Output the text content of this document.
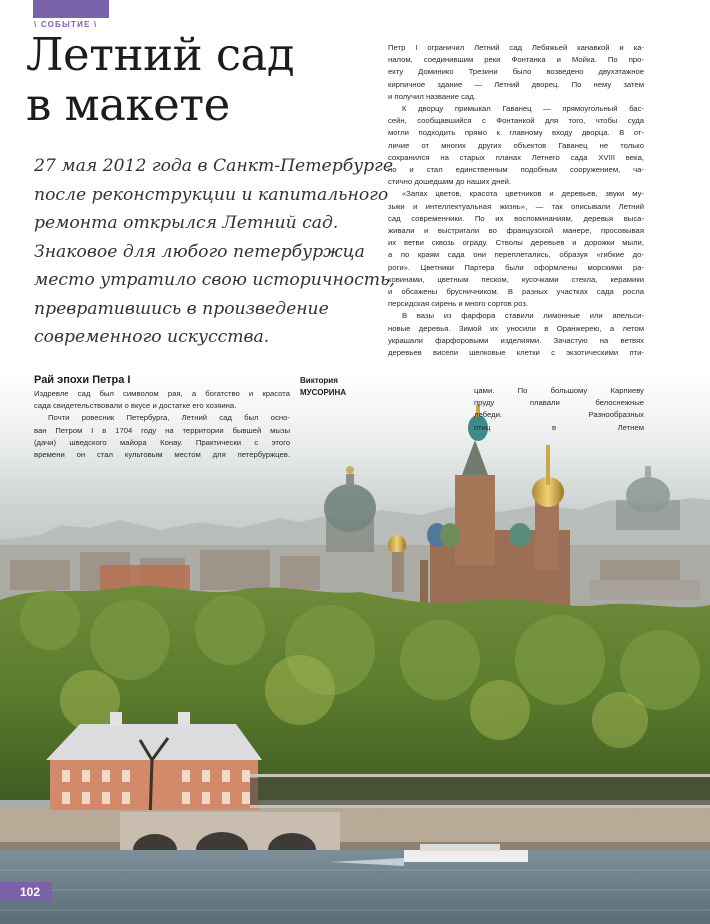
\ СОБЫТИЕ \
Летний сад
в макете
27 мая 2012 года в Санкт-Петербурге
после реконструкции и капитального
ремонта открылся Летний сад.
Знаковое для любого петербуржца
место утратило свою историчность,
превратившись в произведение
современного искусства.
Рай эпохи Петра I	Виктория
МУСОРИНА
Издревле сад был символом рая, а богатство и красота
сада свидетельствовали о вкусе и достатке его хозяина.
Почти ровесник Петербурга, Летний сад был осно-
ван Петром I в 1704 году на территории бывшей мызы
(дачи) шведского майора Конау. Практически с этого
времени он стал культовым местом для петербуржцев.
Петр I ограничил Летний сад Лебяжьей канавкой и ка-
налом, соединившим реки Фонтанка и Мойка. По про-
екту Доминико Трезини было возведено двухэтажное
кирпичное здание — Летний дворец. По нему затем
и получил название сад.
К дворцу примыкал Гаванец — прямоугольный бас-
сейн, сообщавшийся с Фонтанкой для того, чтобы суда
могли подходить прямо к главному входу дворца. В от-
личие от многих других объектов Гаванец не только
сохранился на старых планах Летнего сада XVIII века,
но и стал единственным подобным сооружением, ча-
стично дошедшим до наших дней.
«Запах цветов, красота цветников и деревьев, звуки му-
зыки и интеллектуальная жизнь», — так описывали Летний
сад современники. По их воспоминаниям, деревья выса-
живали и выстригали во французской манере, просовывая
их ветви сквозь ограду. Стволы деревьев и дорожки мыли,
а по краям сада они переплетались, образуя «гибкие до-
роги». Цветники Партера были оформлены морскими ра-
ковинами, цветным песком, кусочками стекла, керамики
и обсажены брусничником. В разных участках сада росла
персидская сирень и много сортов роз.
В вазы из фарфора ставили лимонные или апельси-
новые деревья. Зимой их уносили в Оранжерею, а летом
украшали фарфоровыми изделиями. Зачастую на ветвях
деревьев висели шелковые клетки с экзотическими пти-
цами. По большому Карпиеву
пруду плавали белоснежные
лебеди. Разнообразных
птиц в Летнем
102
